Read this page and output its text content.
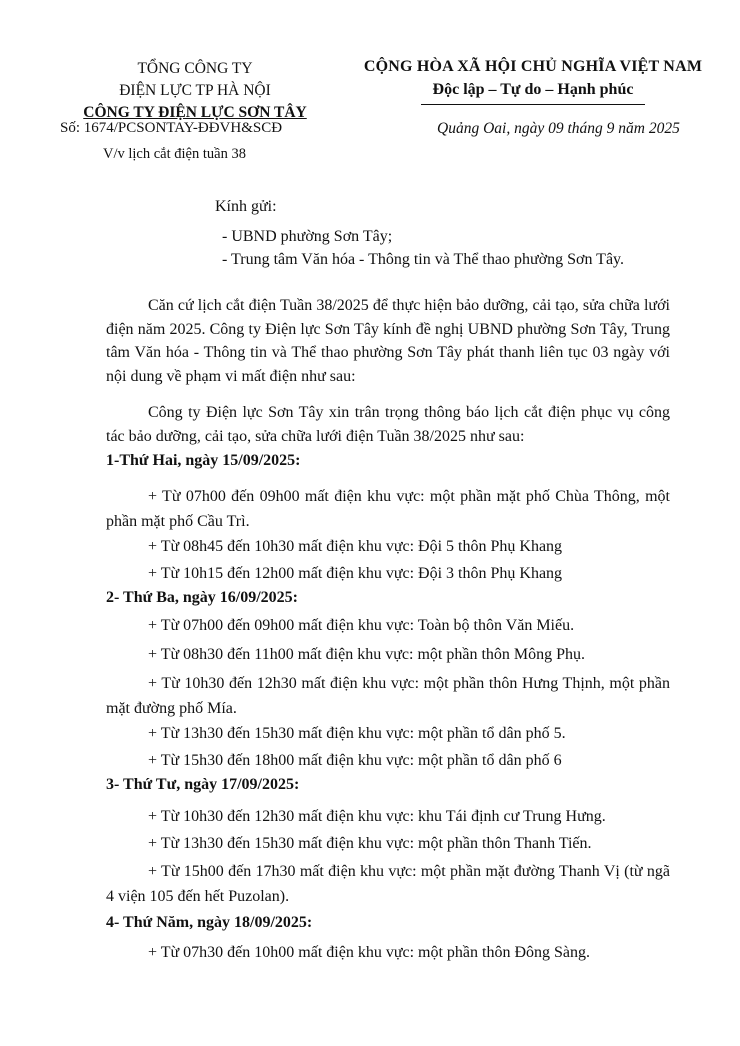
TỔNG CÔNG TY
ĐIỆN LỰC TP HÀ NỘI
CÔNG TY ĐIỆN LỰC SƠN TÂY
CỘNG HÒA XÃ HỘI CHỦ NGHĨA VIỆT NAM
Độc lập – Tự do – Hạnh phúc
Số: 1674/PCSONTAY-ĐĐVH&SCĐ	Quảng Oai, ngày 09 tháng 9 năm 2025
V/v lịch cắt điện tuần 38
Kính gửi:
- UBND phường Sơn Tây;
- Trung tâm Văn hóa - Thông tin và Thể thao phường Sơn Tây.
Căn cứ lịch cắt điện Tuần 38/2025 để thực hiện bảo dưỡng, cải tạo, sửa chữa lưới điện năm 2025. Công ty Điện lực Sơn Tây kính đề nghị UBND phường Sơn Tây, Trung tâm Văn hóa - Thông tin và Thể thao phường Sơn Tây phát thanh liên tục 03 ngày với nội dung về phạm vi mất điện như sau:
Công ty Điện lực Sơn Tây xin trân trọng thông báo lịch cắt điện phục vụ công tác bảo dưỡng, cải tạo, sửa chữa lưới điện Tuần 38/2025 như sau:
1-Thứ Hai, ngày 15/09/2025:
+ Từ 07h00 đến 09h00 mất điện khu vực: một phần mặt phố Chùa Thông, một phần mặt phố Cầu Trì.
+ Từ 08h45 đến 10h30 mất điện khu vực: Đội 5 thôn Phụ Khang
+ Từ 10h15 đến 12h00 mất điện khu vực: Đội 3 thôn Phụ Khang
2- Thứ Ba, ngày 16/09/2025:
+ Từ 07h00 đến 09h00 mất điện khu vực: Toàn bộ thôn Văn Miếu.
+ Từ 08h30 đến 11h00 mất điện khu vực: một phần thôn Mông Phụ.
+ Từ 10h30 đến 12h30 mất điện khu vực: một phần thôn Hưng Thịnh, một phần mặt đường phố Mía.
+ Từ 13h30 đến 15h30 mất điện khu vực: một phần tổ dân phố 5.
+ Từ 15h30 đến 18h00 mất điện khu vực: một phần tổ dân phố 6
3- Thứ Tư, ngày 17/09/2025:
+ Từ 10h30 đến 12h30 mất điện khu vực: khu Tái định cư Trung Hưng.
+ Từ 13h30 đến 15h30 mất điện khu vực: một phần thôn Thanh Tiến.
+ Từ 15h00 đến 17h30 mất điện khu vực: một phần mặt đường Thanh Vị (từ ngã 4 viện 105 đến hết Puzolan).
4- Thứ Năm, ngày 18/09/2025:
+ Từ 07h30 đến 10h00 mất điện khu vực: một phần thôn Đông Sàng.
